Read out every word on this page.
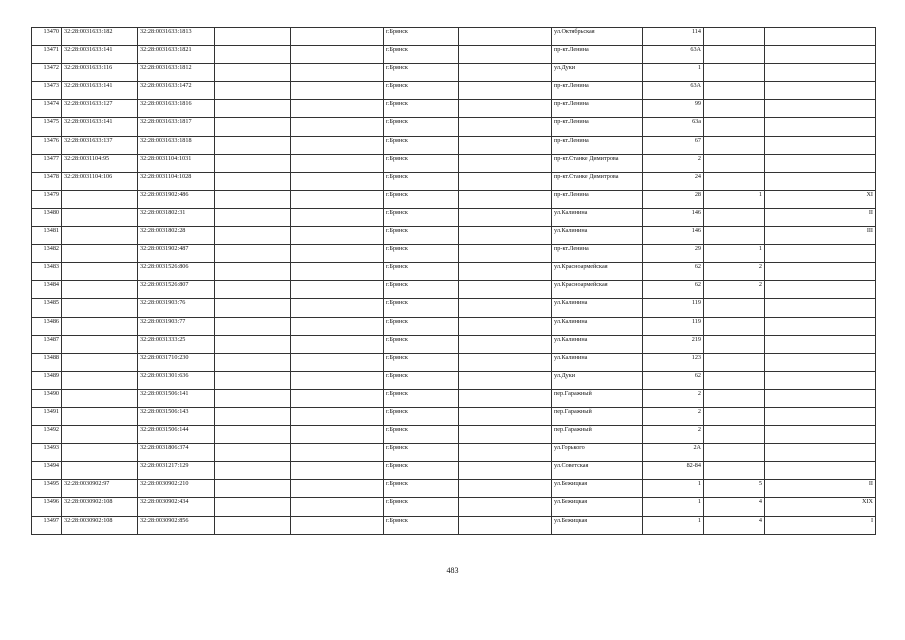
13470	32:28:0031633:182	32:28:0031633:1813			г.Брянск		ул.Октябрьская	114		
13471	32:28:0031633:141	32:28:0031633:1821			г.Брянск		пр-кт.Ленина	63А		
13472	32:28:0031633:116	32:28:0031633:1812			г.Брянск		ул.Дуки	1		
13473	32:28:0031633:141	32:28:0031633:1472			г.Брянск		пр-кт.Ленина	63А		
13474	32:28:0031633:127	32:28:0031633:1816			г.Брянск		пр-кт.Ленина	99		
13475	32:28:0031633:141	32:28:0031633:1817			г.Брянск		пр-кт.Ленина	63а		
13476	32:28:0031633:137	32:28:0031633:1818			г.Брянск		пр-кт.Ленина	67		
13477	32:28:0031104:95	32:28:0031104:1031			г.Брянск		пр-кт.Станке Димитрова	2		
13478	32:28:0031104:106	32:28:0031104:1028			г.Брянск		пр-кт.Станке Димитрова	24		
13479		32:28:0031902:486			г.Брянск		пр-кт.Ленина	28	1	XI
13480		32:28:0031802:31			г.Брянск		ул.Калинина	146		II
13481		32:28:0031802:28			г.Брянск		ул.Калинина	146		III
13482		32:28:0031902:487			г.Брянск		пр-кт.Ленина	29	1	
13483		32:28:0031526:806			г.Брянск		ул.Красноармейская	62	2	
13484		32:28:0031526:807			г.Брянск		ул.Красноармейская	62	2	
13485		32:28:0031903:76			г.Брянск		ул.Калинина	119		
13486		32:28:0031903:77			г.Брянск		ул.Калинина	119		
13487		32:28:0031333:25			г.Брянск		ул.Калинина	219		
13488		32:28:0031710:230			г.Брянск		ул.Калинина	123		
13489		32:28:0031301:636			г.Брянск		ул.Дуки	62		
13490		32:28:0031506:141			г.Брянск		пер.Гаражный	2		
13491		32:28:0031506:143			г.Брянск		пер.Гаражный	2		
13492		32:28:0031506:144			г.Брянск		пер.Гаражный	2		
13493		32:28:0031806:374			г.Брянск		ул.Горького	2А		
13494		32:28:0031217:129			г.Брянск		ул.Советская	82-84		
13495	32:28:0030902:97	32:28:0030902:210			г.Брянск		ул.Бежицкая	1	5	II
13496	32:28:0030902:108	32:28:0030902:434			г.Брянск		ул.Бежицкая	1	4	XIX
13497	32:28:0030902:108	32:28:0030902:856			г.Брянск		ул.Бежицкая	1	4	I
483
